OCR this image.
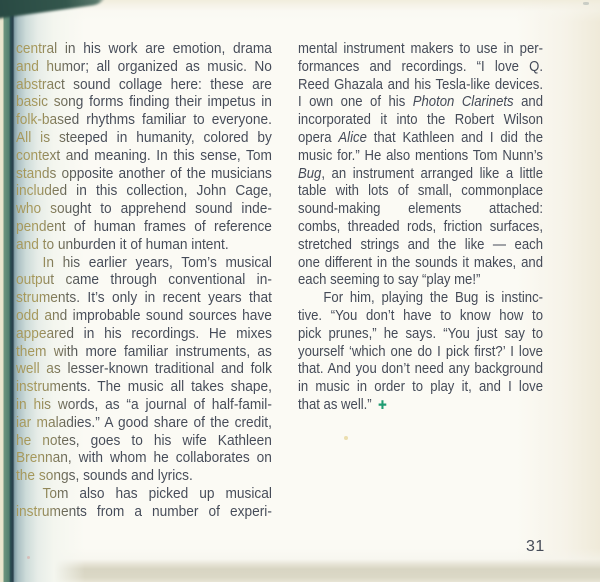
central in his work are emotion, drama
and humor; all organized as music. No
abstract sound collage here: these are
basic song forms finding their impetus in
folk-based rhythms familiar to everyone.
All is steeped in humanity, colored by
context and meaning. In this sense, Tom
stands opposite another of the musicians
included in this collection, John Cage,
who sought to apprehend sound inde-
pendent of human frames of reference
and to unburden it of human intent.
In his earlier years, Tom’s musical
output came through conventional in-
struments. It’s only in recent years that
odd and improbable sound sources have
appeared in his recordings. He mixes
them with more familiar instruments, as
well as lesser-known traditional and folk
instruments. The music all takes shape,
in his words, as “a journal of half-famil-
iar maladies.” A good share of the credit,
he notes, goes to his wife Kathleen
Brennan, with whom he collaborates on
the songs, sounds and lyrics.
Tom also has picked up musical
instruments from a number of experi-
mental instrument makers to use in per-
formances and recordings. “I love Q.
Reed Ghazala and his Tesla-like devices.
I own one of his Photon Clarinets and
incorporated it into the Robert Wilson
opera Alice that Kathleen and I did the
music for.” He also mentions Tom Nunn’s
Bug, an instrument arranged like a little
table with lots of small, commonplace
sound-making elements attached:
combs, threaded rods, friction surfaces,
stretched strings and the like — each
one different in the sounds it makes, and
each seeming to say “play me!”
For him, playing the Bug is instinc-
tive. “You don’t have to know how to
pick prunes,” he says. “You just say to
yourself ‘which one do I pick first?’ I love
that. And you don’t need any background
in music in order to play it, and I love
that as well.” ✚
31
